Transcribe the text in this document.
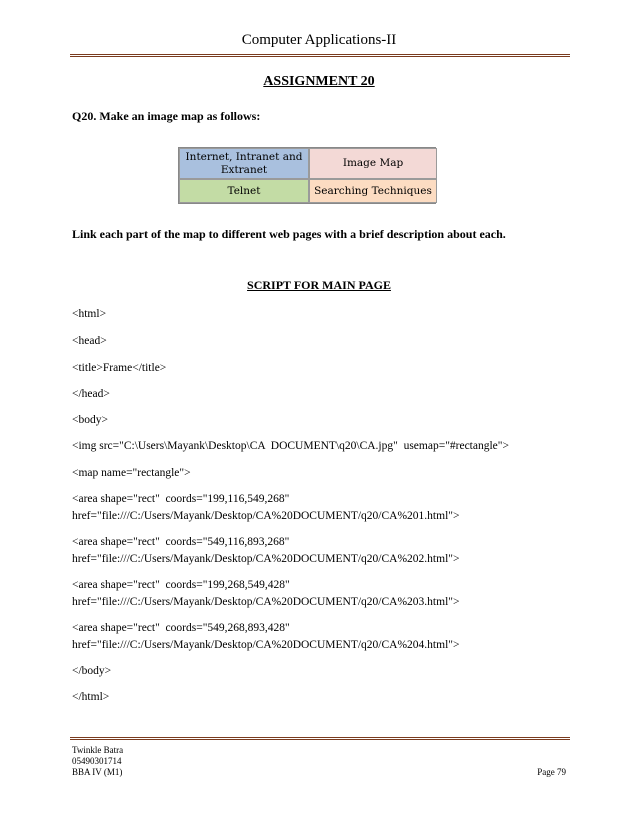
Computer Applications-II
ASSIGNMENT 20
Q20. Make an image map as follows:
Internet, Intranet and Extranet
Image Map
Telnet	Searching Techniques
Link each part of the map to different web pages with a brief description about each.
SCRIPT FOR MAIN PAGE
<html>
<head>
<title>Frame</title>
</head>
<body>
<img src="C:\Users\Mayank\Desktop\CA  DOCUMENT\q20\CA.jpg"  usemap="#rectangle">
<map name="rectangle">
<area shape="rect"  coords="199,116,549,268"
href="file:///C:/Users/Mayank/Desktop/CA%20DOCUMENT/q20/CA%201.html">
<area shape="rect"  coords="549,116,893,268"
href="file:///C:/Users/Mayank/Desktop/CA%20DOCUMENT/q20/CA%202.html">
<area shape="rect"  coords="199,268,549,428"
href="file:///C:/Users/Mayank/Desktop/CA%20DOCUMENT/q20/CA%203.html">
<area shape="rect"  coords="549,268,893,428"
href="file:///C:/Users/Mayank/Desktop/CA%20DOCUMENT/q20/CA%204.html">
</body>
</html>
Twinkle Batra
05490301714
BBA IV (M1)	Page 79
